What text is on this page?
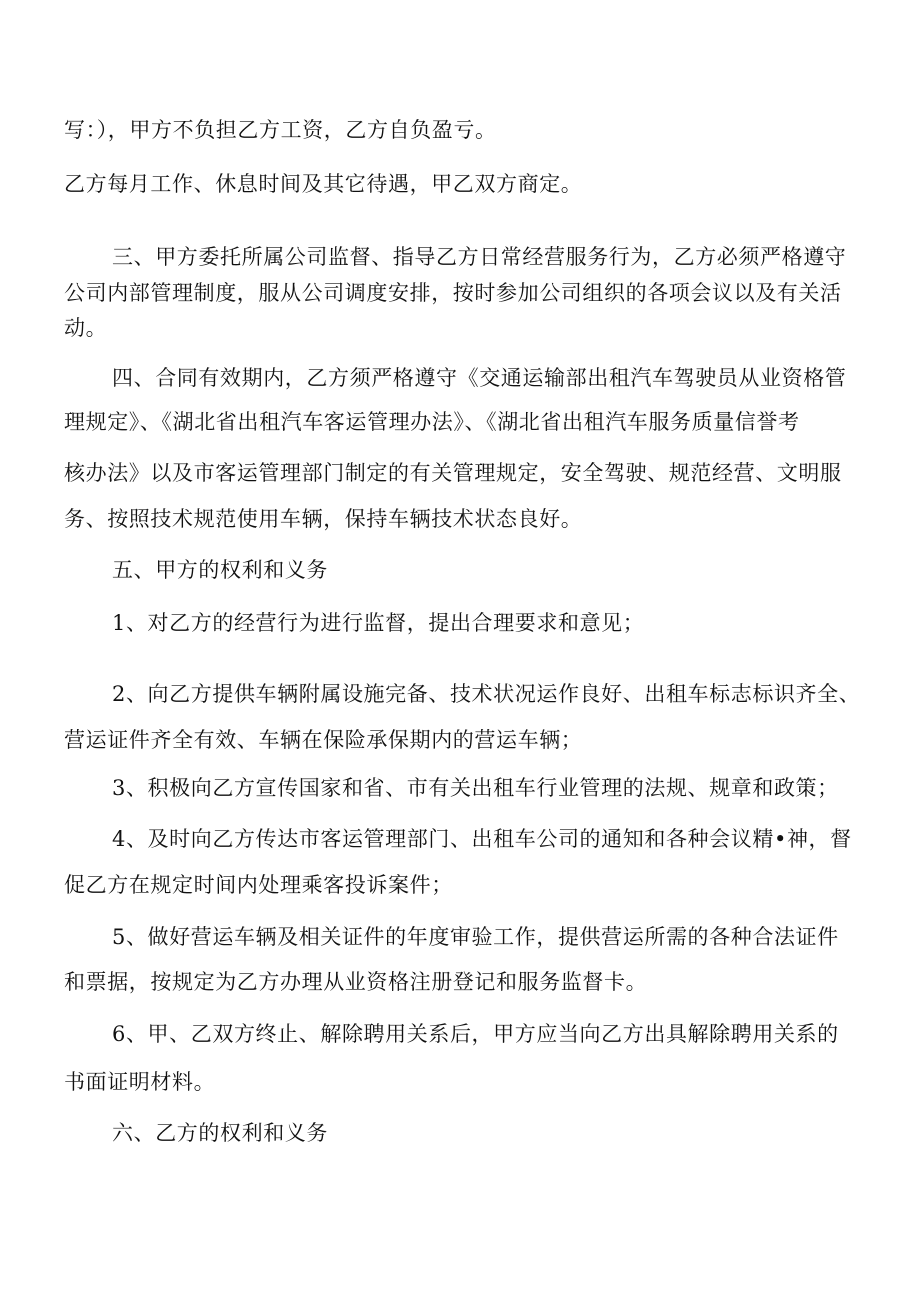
写：），甲方不负担乙方工资，乙方自负盈亏。
乙方每月工作、休息时间及其它待遇，甲乙双方商定。
三、甲方委托所属公司监督、指导乙方日常经营服务行为，乙方必须严格遵守
公司内部管理制度，服从公司调度安排，按时参加公司组织的各项会议以及有关活
动。
四、合同有效期内，乙方须严格遵守《交通运输部出租汽车驾驶员从业资格管
理规定》、《湖北省出租汽车客运管理办法》、《湖北省出租汽车服务质量信誉考
核办法》以及市客运管理部门制定的有关管理规定，安全驾驶、规范经营、文明服
务、按照技术规范使用车辆，保持车辆技术状态良好。
五、甲方的权利和义务
1、对乙方的经营行为进行监督，提出合理要求和意见；
2、向乙方提供车辆附属设施完备、技术状况运作良好、出租车标志标识齐全、
营运证件齐全有效、车辆在保险承保期内的营运车辆；
3、积极向乙方宣传国家和省、市有关出租车行业管理的法规、规章和政策；
4、及时向乙方传达市客运管理部门、出租车公司的通知和各种会议精•神，督
促乙方在规定时间内处理乘客投诉案件；
5、做好营运车辆及相关证件的年度审验工作，提供营运所需的各种合法证件
和票据，按规定为乙方办理从业资格注册登记和服务监督卡。
6、甲、乙双方终止、解除聘用关系后，甲方应当向乙方出具解除聘用关系的
书面证明材料。
六、乙方的权利和义务
